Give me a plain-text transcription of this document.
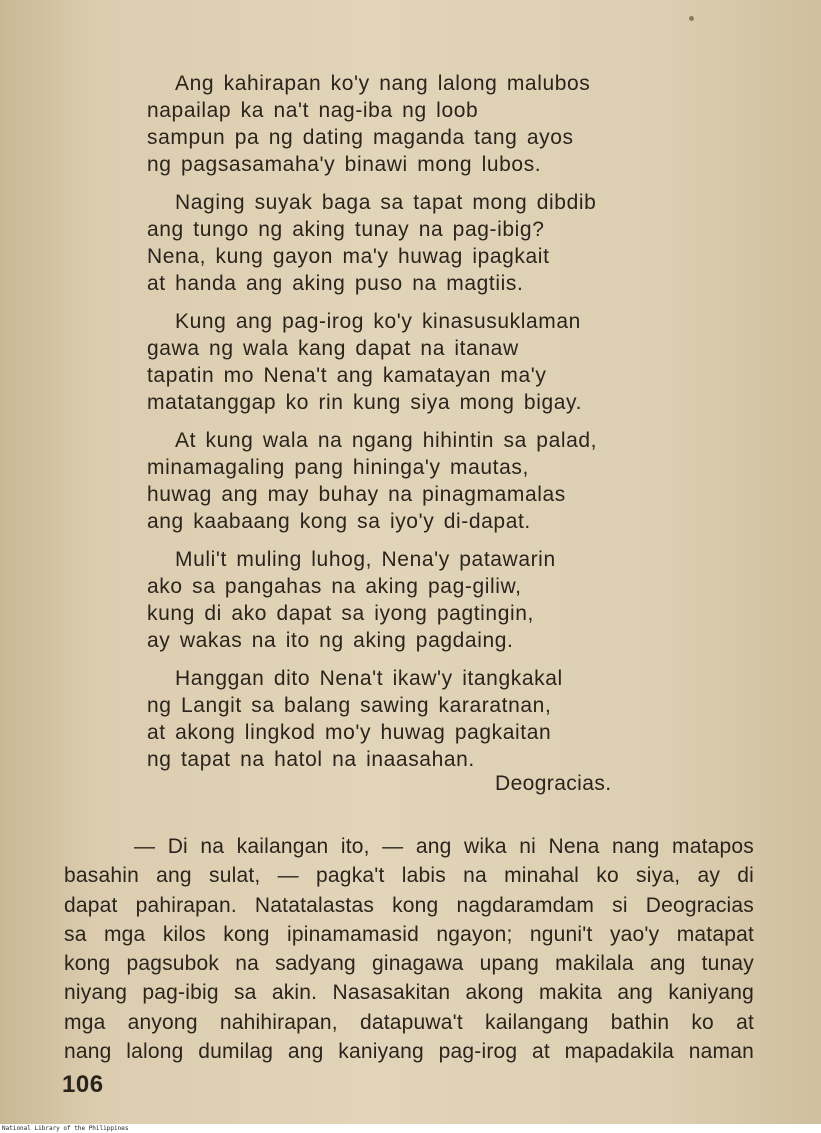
Ang kahirapan ko'y nang lalong malubos
napailap ka na't nag-iba ng loob
sampun pa ng dating maganda tang ayos
ng pagsasamaha'y binawi mong lubos.
Naging suyak baga sa tapat mong dibdib
ang tungo ng aking tunay na pag-ibig?
Nena, kung gayon ma'y huwag ipagkait
at handa ang aking puso na magtiis.
Kung ang pag-irog ko'y kinasusuklaman
gawa ng wala kang dapat na itanaw
tapatin mo Nena't ang kamatayan ma'y
matatanggap ko rin kung siya mong bigay.
At kung wala na ngang hihintin sa palad,
minamagaling pang hininga'y mautas,
huwag ang may buhay na pinagmamalas
ang kaabaang kong sa iyo'y di-dapat.
Muli't muling luhog, Nena'y patawarin
ako sa pangahas na aking pag-giliw,
kung di ako dapat sa iyong pagtingin,
ay wakas na ito ng aking pagdaing.
Hanggan dito Nena't ikaw'y itangkakal
ng Langit sa balang sawing kararatnan,
at akong lingkod mo'y huwag pagkaitan
ng tapat na hatol na inaasahan.
Deogracias.
— Di na kailangan ito, — ang wika ni Nena nang matapos
basahin ang sulat, — pagka't labis na minahal ko siya, ay di
dapat pahirapan. Natatalastas kong nagdaramdam si Deogracias
sa mga kilos kong ipinamamasid ngayon; nguni't yao'y matapat
kong pagsubok na sadyang ginagawa upang makilala ang tunay
niyang pag-ibig sa akin. Nasasakitan akong makita ang kaniyang
mga anyong nahihirapan, datapuwa't kailangang bathin ko at
nang lalong dumilag ang kaniyang pag-irog at mapadakila naman
106
National Library of the Philippines
